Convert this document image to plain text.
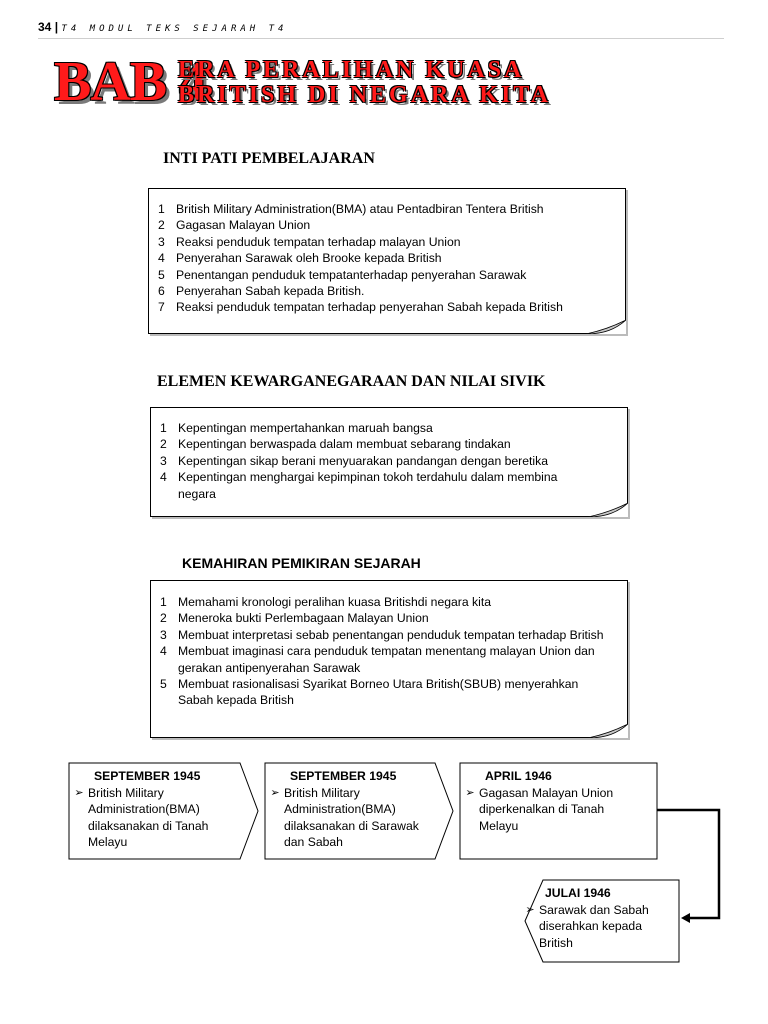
34 | T4 MODUL TEKS SEJARAH T4
BAB 4
ERA PERALIHAN KUASA
BRITISH DI NEGARA KITA
INTI PATI PEMBELAJARAN
1 British Military Administration(BMA) atau Pentadbiran Tentera British
2 Gagasan Malayan Union
3 Reaksi penduduk tempatan terhadap malayan Union
4 Penyerahan Sarawak oleh Brooke kepada British
5 Penentangan penduduk tempatanterhadap penyerahan Sarawak
6 Penyerahan Sabah kepada British.
7 Reaksi penduduk tempatan terhadap penyerahan Sabah kepada British
ELEMEN KEWARGANEGARAAN DAN NILAI SIVIK
1 Kepentingan mempertahankan maruah bangsa
2 Kepentingan berwaspada dalam membuat sebarang tindakan
3 Kepentingan sikap berani menyuarakan pandangan dengan beretika
4 Kepentingan menghargai kepimpinan tokoh terdahulu dalam membina negara
KEMAHIRAN PEMIKIRAN SEJARAH
1 Memahami kronologi peralihan kuasa Britishdi negara kita
2 Meneroka bukti Perlembagaan Malayan Union
3 Membuat interpretasi sebab penentangan penduduk tempatan terhadap British
4 Membuat imaginasi cara penduduk tempatan menentang malayan Union dan gerakan antipenyerahan Sarawak
5 Membuat rasionalisasi Syarikat Borneo Utara British(SBUB) menyerahkan Sabah kepada British
SEPTEMBER 1945
➢ British Military Administration(BMA) dilaksanakan di Tanah Melayu
SEPTEMBER 1945
➢ British Military Administration(BMA) dilaksanakan di Sarawak dan Sabah
APRIL 1946
➢ Gagasan Malayan Union diperkenalkan di Tanah Melayu
JULAI 1946
➢ Sarawak dan Sabah diserahkan kepada British
